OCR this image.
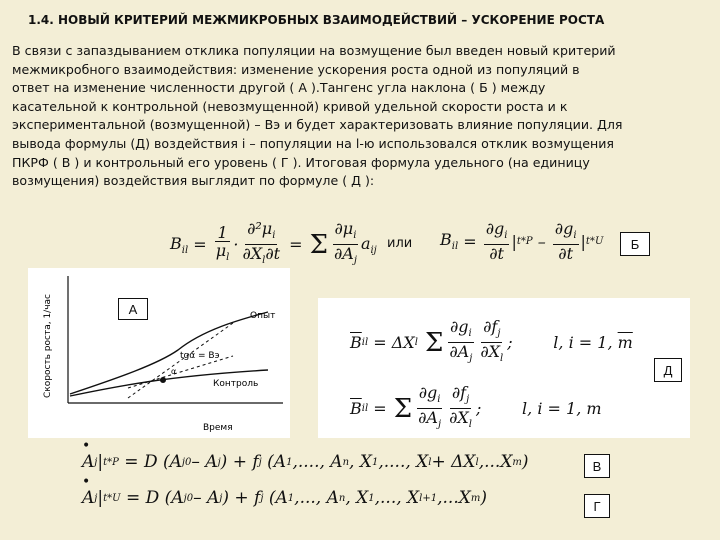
1.4. НОВЫЙ КРИТЕРИЙ МЕЖМИКРОБНЫХ ВЗАИМОДЕЙСТВИЙ – УСКОРЕНИЕ РОСТА
В связи с запаздыванием отклика популяции на возмущение был введен новый критерий
межмикробного взаимодействия: изменение ускорения роста одной из популяций в
ответ на изменение численности другой ( А ).Тангенс угла наклона ( Б ) между
касательной к контрольной (невозмущенной) кривой удельной скорости роста и к
экспериментальной (возмущенной) – Вэ и будет характеризовать влияние популяции. Для
вывода формулы (Д) воздействия i – популяции на l-ю использовался отклик возмущения
ПКРФ ( В ) и контрольный его уровень ( Г ). Итоговая формула удельного (на единицу
возмущения) воздействия выглядит по формуле ( Д ):
$B_{il} = \frac{1}{\mu_l} \cdot \frac{\partial^2\mu_i}{\partial X_l\partial t} = \Sigma \frac{\partial\mu_i}{\partial A_j} a_{ij}$ или $B_{il} = \frac{\partial g_i}{\partial t}$ | t* P – $\frac{\partial g_i}{\partial t}$ | t* U	Б
Опыт
Контроль
tgα = Bэ
α
Время
Скорость роста, 1/час	А
$\overline{B}$ il = ΔX l
Σ $\frac{\partial g_i}{\partial A_j} \frac{\partial f_j}{\partial X_l}$ ; l, i = 1, $\overline{m}$
Д
$\overline{B}$ il = Σ $\frac{\partial g_i}{\partial A_j} \frac{\partial f_j}{\partial X_l}$ ; l, i = 1, m
• A j | t* P = D (A j 0 – A j ) + f j (A 1 ,...., A n , X 1 ,...., X l + ΔX l ,...X m )	В
• A j | t* U = D (A j 0 – A j ) + f j (A 1 ,..., A n , X 1 ,..., X l+1 ,...X m )	Г
